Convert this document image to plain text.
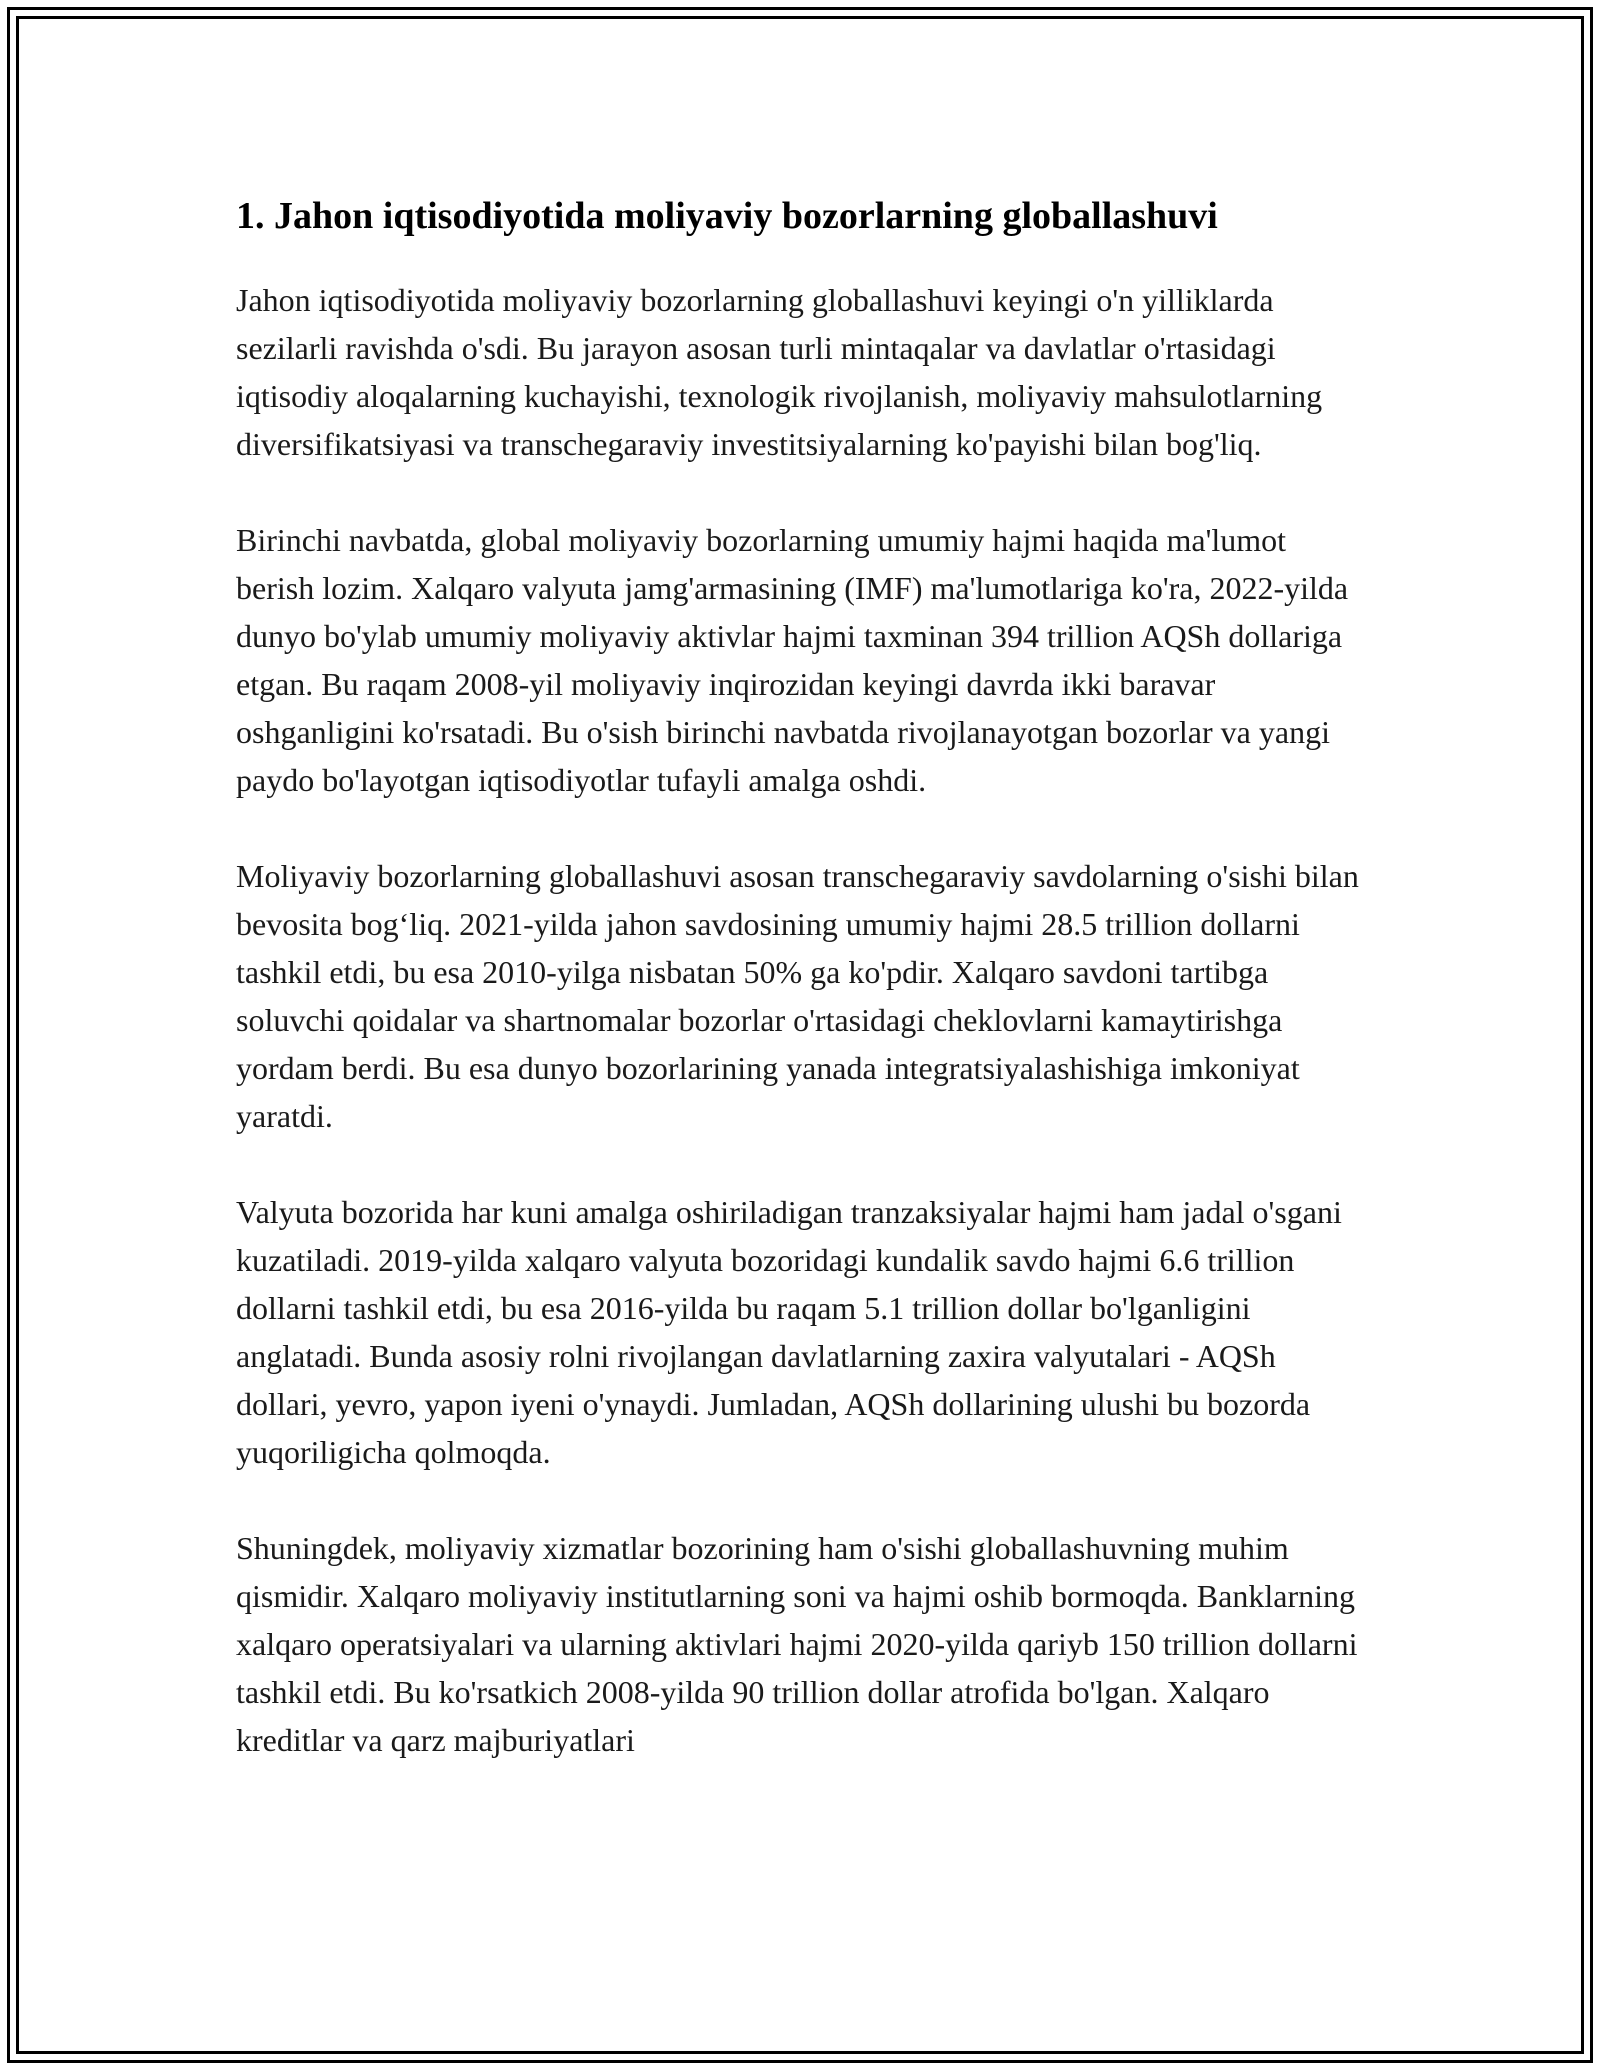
1. Jahon iqtisodiyotida moliyaviy bozorlarning globallashuvi

Jahon iqtisodiyotida moliyaviy bozorlarning globallashuvi keyingi o'n yilliklarda sezilarli ravishda o'sdi. Bu jarayon asosan turli mintaqalar va davlatlar o'rtasidagi iqtisodiy aloqalarning kuchayishi, texnologik rivojlanish, moliyaviy mahsulotlarning diversifikatsiyasi va transchegaraviy investitsiyalarning ko'payishi bilan bog'liq.

Birinchi navbatda, global moliyaviy bozorlarning umumiy hajmi haqida ma'lumot berish lozim. Xalqaro valyuta jamg'armasining (IMF) ma'lumotlariga ko'ra, 2022-yilda dunyo bo'ylab umumiy moliyaviy aktivlar hajmi taxminan 394 trillion AQSh dollariga etgan. Bu raqam 2008-yil moliyaviy inqirozidan keyingi davrda ikki baravar oshganligini ko'rsatadi. Bu o'sish birinchi navbatda rivojlanayotgan bozorlar va yangi paydo bo'layotgan iqtisodiyotlar tufayli amalga oshdi.

Moliyaviy bozorlarning globallashuvi asosan transchegaraviy savdolarning o'sishi bilan bevosita bog‘liq. 2021-yilda jahon savdosining umumiy hajmi 28.5 trillion dollarni tashkil etdi, bu esa 2010-yilga nisbatan 50% ga ko'pdir. Xalqaro savdoni tartibga soluvchi qoidalar va shartnomalar bozorlar o'rtasidagi cheklovlarni kamaytirishga yordam berdi. Bu esa dunyo bozorlarining yanada integratsiyalashishiga imkoniyat yaratdi.

Valyuta bozorida har kuni amalga oshiriladigan tranzaksiyalar hajmi ham jadal o'sgani kuzatiladi. 2019-yilda xalqaro valyuta bozoridagi kundalik savdo hajmi 6.6 trillion dollarni tashkil etdi, bu esa 2016-yilda bu raqam 5.1 trillion dollar bo'lganligini anglatadi. Bunda asosiy rolni rivojlangan davlatlarning zaxira valyutalari - AQSh dollari, yevro, yapon iyeni o'ynaydi. Jumladan, AQSh dollarining ulushi bu bozorda yuqoriligicha qolmoqda.

Shuningdek, moliyaviy xizmatlar bozorining ham o'sishi globallashuvning muhim qismidir. Xalqaro moliyaviy institutlarning soni va hajmi oshib bormoqda. Banklarning xalqaro operatsiyalari va ularning aktivlari hajmi 2020-yilda qariyb 150 trillion dollarni tashkil etdi. Bu ko'rsatkich 2008-yilda 90 trillion dollar atrofida bo'lgan. Xalqaro kreditlar va qarz majburiyatlari
